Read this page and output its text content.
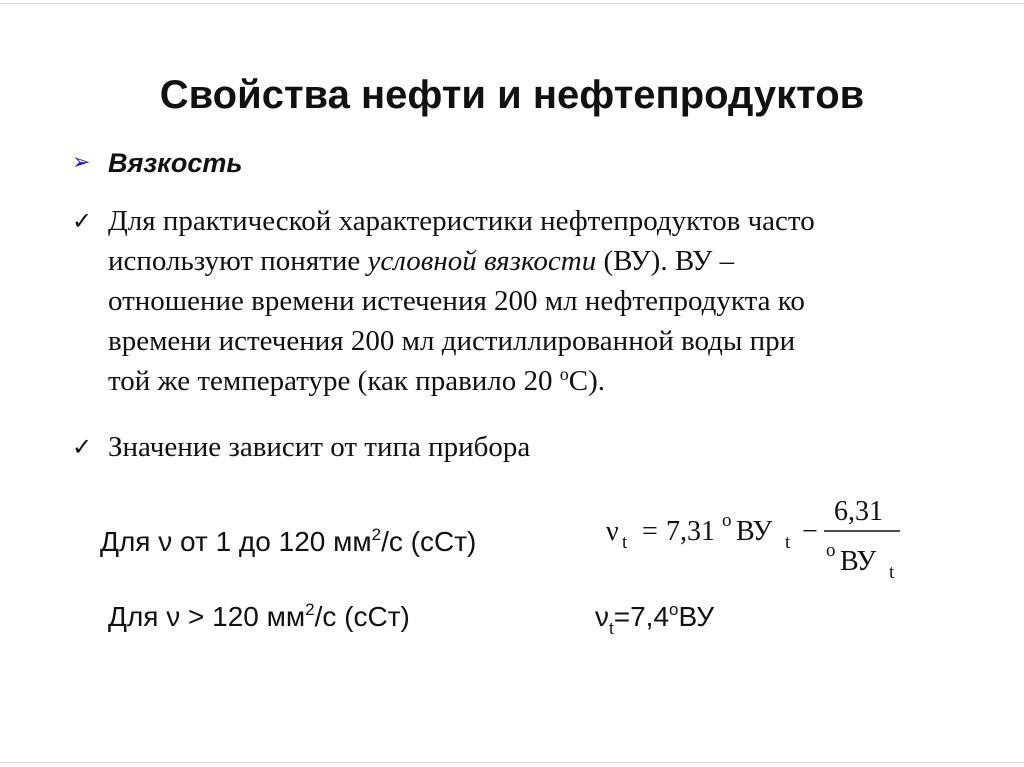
Свойства нефти и нефтепродуктов
➢ Вязкость
✓ Для практической характеристики нефтепродуктов часто
используют понятие условной вязкости (ВУ). ВУ –
отношение времени истечения 200 мл нефтепродукта ко
времени истечения 200 мл дистиллированной воды при
той же температуре (как правило 20 $^о$С).
✓ Значение зависит от типа прибора
Для ν от 1 до 120 $мм^2/с$ (сСт)	ν t = 7,31 o ВУ t −
6,31
o ВУ t
Для ν > 120 $мм^2/с$ (сСт)	$\nu_t=7,4^оВУ$
